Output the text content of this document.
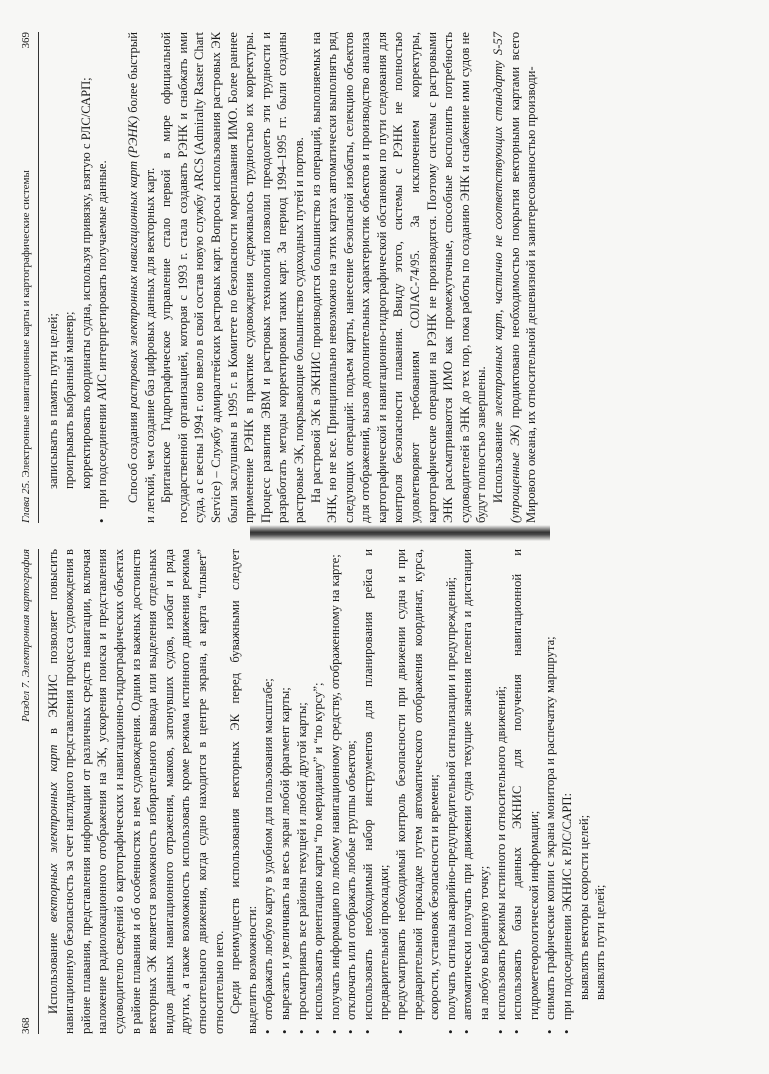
368
Раздел 7. Электронная картография

Использование векторных электронных карт в ЭКНИС позволяет повысить навигационную безопасность за счет наглядного представления процесса судовождения в районе плавания, представления информации от различных средств навигации, включая наложение радиолокационного отображения на ЭК, ускорения поиска и представления судоводителю сведений о картографических и навигационно-гидрографических объектах в районе плавания и об особенностях в нем судовождения. Одним из важных достоинств векторных ЭК является возможность избирательного вывода или выделения отдельных видов данных навигационного отражения, маяков, затонувших судов, изобат и ряда других, а также возможность использовать кроме режима истинного движения режима относительного движения, когда судно находится в центре экрана, а карта “плывет” относительно него. Среди преимуществ использования векторных ЭК перед буважными следует выделить возможности: • отображать любую карту в удобном для пользования масштабе; • вырезать и увеличивать на весь экран любой фрагмент карты; • просматривать все районы текущей и любой другой карты; • использовать ориентацию карты “по меридиану” и “по курсу”; • получать информацию по любому навигационному средству, отображенному на карте; • отключать или отображать любые группы объектов; • использовать необходимый набор инструментов для планирования рейса и предварительной прокладки; • предусматривать необходимый контроль безопасности при движении судна и при предварительной прокладке путем автоматического отображения координат, курса, скорости, установок безопасности и времени; • получать сигналы аварийно-предупредительной сигнализации и предупреждений; • автоматически получать при движении судна текущие значения пеленга и дистанции на любую выбранную точку; • использовать режимы истинного и относительного движений; • использовать базы данных ЭКНИС для получения навигационной и гидрометеорологической информации; • снимать графические копии с экрана монитора и распечатку маршрута; • при подсоединении ЭКНИС к РЛС/САРП: выявлять векторы скорости целей; выявлять пути целей;
Глава 25. Электронные навигационные карты и картографические системы
369
записывать в память пути целей; проигрывать выбранный маневр; корректировать координаты судна, используя привязку, взятую с РЛС/САРП; • при подсоединении АИС интерпретировать получаемые данные. Способ создания растровых электронных навигационных карт (РЭНК) более быстрый и легкий, чем создание баз цифровых данных для векторных карт. Британское Гидрографическое управление стало первой в мире официальной государственной организацией, которая с 1993 г. стала создавать РЭНК и снабжать ими суда, а с весны 1994 г. оно ввело в свой состав новую службу ARCS (Admiralty Raster Chart Service) – Службу адмиралтейских растровых карт. Вопросы использования растровых ЭК были заслушаны в 1995 г. в Комитете по безопасности мореплавания ИМО. Более раннее применение РЭНК в практике судовождения сдерживалось трудностью их корректуры. Процесс развития ЭВМ и растровых технологий позволил преодолеть эти трудности и разработать методы корректировки таких карт. За период 1994–1995 гг. были созданы растровые ЭК, покрывающие большинство судоходных путей и портов. На растровой ЭК в ЭКНИС производится большинство из операций, выполняемых на ЭНК, но не все. Принципиально невозможно на этих картах автоматически выполнять ряд следующих операций: подъем карты, нанесение безопасной изобаты, селекцию объектов для отображений, вызов дополнительных характеристик объектов и производство анализа картографической и навигационно-гидрографической обстановки по пути следования для контроля безопасности плавания. Ввиду этого, системы с РЭНК не полностью удовлетворяют требованиям СОЛАС-74/95. За исключением корректуры, картографические операции на РЭНК не производятся. Поэтому системы с растровыми ЭНК рассматриваются ИМО как промежуточные, способные восполнить потребность судоводителей в ЭНК до тех пор, пока работы по созданию ЭНК и снабжение ими судов не будут полностью завершены. Использование электронных карт, частично не соответствующих стандарту S-57 (упрощенные ЭК) продиктовано необходимостью покрытия векторными картами всего Мирового океана, их относительной дешевизной и заинтересованностью производи-
